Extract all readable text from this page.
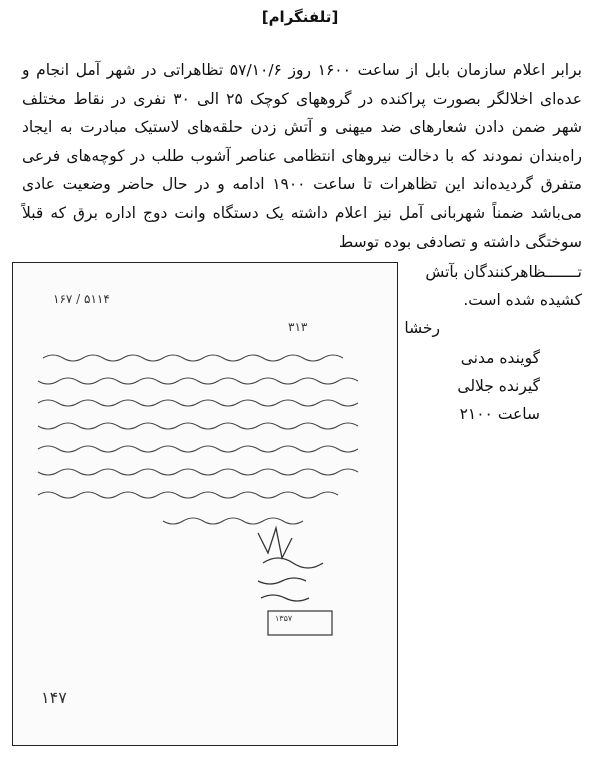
[تلفنگرام]

برابر اعلام سازمان بابل از ساعت ۱۶۰۰ روز ۵۷/۱۰/۶ تظاهراتی در شهر آمل انجام و عده‌ای اخلالگر بصورت پراکنده در گروههای کوچک ۲۵ الی ۳۰ نفری در نقاط مختلف شهر ضمن دادن شعارهای ضد میهنی و آتش زدن حلقه‌های لاستیک مبادرت به ایجاد راه‌بندان نمودند که با دخالت نیروهای انتظامی عناصر آشوب طلب در کوچه‌های فرعی متفرق گردیده‌اند این تظاهرات تا ساعت ۱۹۰۰ ادامه و در حال حاضر وضعیت عادی می‌باشد ضمناً شهربانی آمل نیز اعلام داشته یک دستگاه وانت دوج اداره برق که قبلاً سوختگی داشته و تصادفی بوده توسط

تـــــــظاهرکنندگان بآتش
کشیده شده است.
رخشا
گوینده مدنی
گیرنده جلالی
ساعت ۲۱۰۰
۱۶۷ / ۵۱۱۴
۳۱۳
۱۳۵۷
۱۴۷
